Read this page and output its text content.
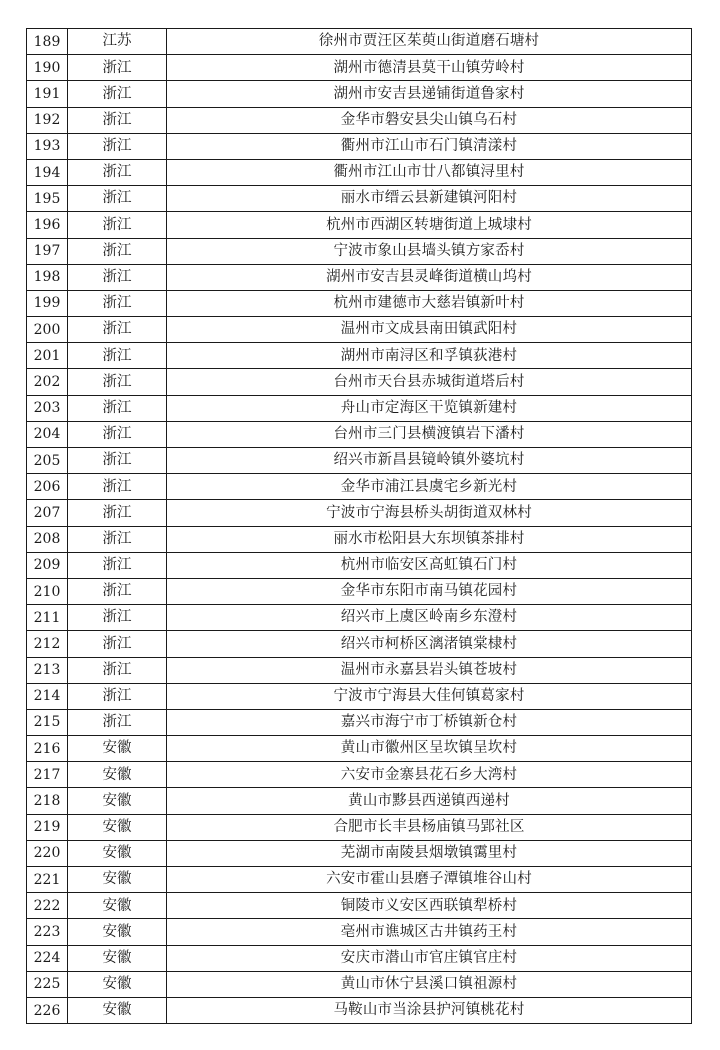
189	江苏	徐州市贾汪区茱萸山街道磨石塘村
190	浙江	湖州市德清县莫干山镇劳岭村
191	浙江	湖州市安吉县递铺街道鲁家村
192	浙江	金华市磐安县尖山镇乌石村
193	浙江	衢州市江山市石门镇清漾村
194	浙江	衢州市江山市廿八都镇浔里村
195	浙江	丽水市缙云县新建镇河阳村
196	浙江	杭州市西湖区转塘街道上城埭村
197	浙江	宁波市象山县墙头镇方家岙村
198	浙江	湖州市安吉县灵峰街道横山坞村
199	浙江	杭州市建德市大慈岩镇新叶村
200	浙江	温州市文成县南田镇武阳村
201	浙江	湖州市南浔区和孚镇荻港村
202	浙江	台州市天台县赤城街道塔后村
203	浙江	舟山市定海区干览镇新建村
204	浙江	台州市三门县横渡镇岩下潘村
205	浙江	绍兴市新昌县镜岭镇外婆坑村
206	浙江	金华市浦江县虞宅乡新光村
207	浙江	宁波市宁海县桥头胡街道双林村
208	浙江	丽水市松阳县大东坝镇茶排村
209	浙江	杭州市临安区高虹镇石门村
210	浙江	金华市东阳市南马镇花园村
211	浙江	绍兴市上虞区岭南乡东澄村
212	浙江	绍兴市柯桥区漓渚镇棠棣村
213	浙江	温州市永嘉县岩头镇苍坡村
214	浙江	宁波市宁海县大佳何镇葛家村
215	浙江	嘉兴市海宁市丁桥镇新仓村
216	安徽	黄山市徽州区呈坎镇呈坎村
217	安徽	六安市金寨县花石乡大湾村
218	安徽	黄山市黟县西递镇西递村
219	安徽	合肥市长丰县杨庙镇马郢社区
220	安徽	芜湖市南陵县烟墩镇霭里村
221	安徽	六安市霍山县磨子潭镇堆谷山村
222	安徽	铜陵市义安区西联镇犁桥村
223	安徽	亳州市谯城区古井镇药王村
224	安徽	安庆市潜山市官庄镇官庄村
225	安徽	黄山市休宁县溪口镇祖源村
226	安徽	马鞍山市当涂县护河镇桃花村
